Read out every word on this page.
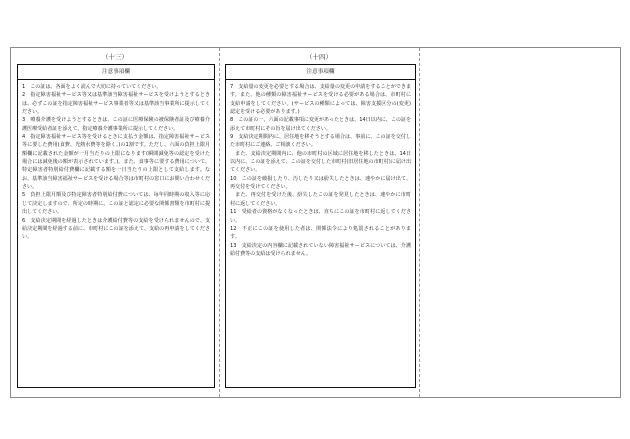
（十三）
注意事項欄

1　この証は、各面をよく読んで大切に持っていてください。

2　指定障害福祉サービス等又は基準該当障害福祉サービスを受けようとするときは、必ずこの証を指定障害福祉サービス事業者等又は基準該当事業所に提示してください。

3　療養介護を受けようとするときは、この証に医療保険の被保険者証及び療養介護医療受給者証を添えて、指定療養介護事業所に提示してください。

4　指定障害福祉サービス等を受けるときに支払う金額は、指定障害福祉サービス等に要した費用(食費、光熱水費等を除く。)の1割です。ただし、六面の負担上限月額欄に記載された金額が一月当たりの上限になります(瞬間減免等の認定を受けた場合には減免後の額が表示されています。)。また、食事等に要する費用について、特定障害者特別給付費欄に記載する額を一日当たりの上限として支給します。なお、基準該当障害福祉サービスを受ける場合等は市町村の窓口にお問い合わせください。

5　負担上限月額及び特定障害者特別給付費については、毎年同時期の収入等に応じて決定しますので、所定の時期に、この証と認定に必要な関係書類を市町村に提出してください。

6　支給決定期間を経過したときは介護給付費等の支給を受けられませんので、支給決定期間を経過する前に、市町村にこの証を添えて、支給の再申請をしてください。

（十四）
注意事項欄

7　支給量の変更を必要とする場合は、支給量の変更の申請をすることができます。また、他の種類の障害福祉サービスを受ける必要がある場合は、市町村に支給申請をしてください。(サービスの種類によっては、障害支援区分の(変更)認定を受ける必要があります。)

8　この証の一、六面の記載事項に変更があったときは、14日以内に、この証を添えて市町村にその旨を届け出てください。

9　支給決定期間内に、居住地を移そうとする場合は、事前に、この証を交付した市町村にご連絡、ご相談ください。
　また、支給決定期間内に、他の市町村の区域に居住地を移したときは、14日以内に、この証を添えて、この証を交付した市町村(旧居住地の市町村)に届け出てください。

10　この証を破損したり、汚したり又は紛失したときは、速やかに届け出て、再交付を受けてください。
　また、再交付を受けた後、紛失したこの証を発見したときは、速やかに市町村に返してください。

11　受給者の資格がなくなったときは、直ちにこの証を市町村に返してください。

12　不正にこの証を使用した者は、関係法令により処罰されることがあります。

13　支給決定の内容欄に記載されていない障害福祉サービスについては、介護給付費等の支給は受けられません。
